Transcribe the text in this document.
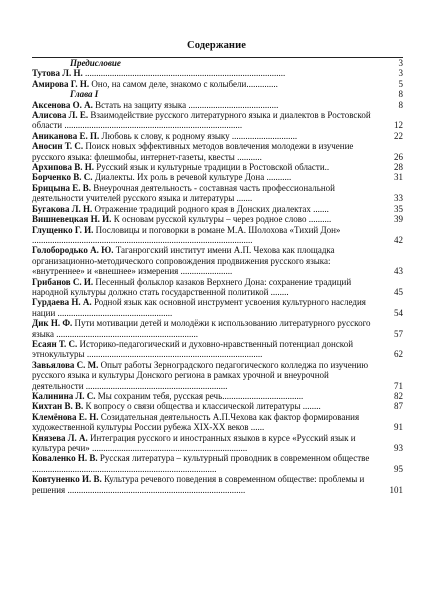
Содержание
Предисловие	3
Тутова Л. Н. .........................................................................................	3
Амирова Г. Н. Оно, на самом деле, знакомо с колыбели..............	5
Глава I	8
Аксенова О. А. Встать на защиту языка ........................................	8
Алисова Л. Е. Взаимодействие русского литературного языка и диалектов в Ростовской области ...............................................................................	12
Аниканова Е. П. Любовь к слову, к родному языку .............................	22
Аносин Т. С. Поиск новых эффективных методов вовлечения молодежи в изучение русского языка: флешмобы, интернет-газеты, квесты ...........	26
Архипова В. Н. Русский язык и культурные традиции в Ростовской области..	28
Борченко В. С. Диалекты. Их роль в речевой культуре Дона ...........	31
Брицына Е. В. Внеурочная деятельность - составная часть профессиональной деятельности учителей русского языка и литературы .......	33
Бугакова Л. Н. Отражение традиций родного края в Донских диалектах .......	35
Вишневецкая Н. И. К основам русской культуры – через родное слово ..........	39
Глущенко Г. И. Пословицы и поговорки в романе М.А. Шолохова «Тихий Дон» ..................................................................................................	42
Голобородько А. Ю. Таганрогский институт имени А.П. Чехова как площадка организационно-методического сопровождения продвижения русского языка: «внутреннее» и «внешнее» измерения .......................	43
Грибанов С. И. Песенный фольклор казаков Верхнего Дона: сохранение традиций народной культуры должно стать государственной политикой ........	45
Гурдаева Н. А. Родной язык как основной инструмент усвоения культурного наследия нации ...................................................	54
Дик Н. Ф. Пути мотивации детей и молодёжи к использованию литературного русского языка ...............................................................	57
Есаян Т. С. Историко-педагогический и духовно-нравственный потенциал донской этнокультуры ..............................................................................	62
Завьялова С. М. Опыт работы Зерноградского педагогического колледжа по изучению русского языка и культуры Донского региона в рамках урочной и внеурочной деятельности ...............................................................	71
Калинина Л. С. Мы сохраним тебя, русская речь....................................	82
Кихтан В. В. К вопросу о связи общества и классической литературы ........	87
Клемёнова Е. Н. Созидательная деятельность А.П.Чехова как фактор формирования художественной культуры России рубежа XIX-XX веков ......	91
Князева Л. А. Интеграция русского и иностранных языков в курсе «Русский язык и культура речи» .....................................................................	93
Коваленко Н. В. Русская литература – культурный проводник в современном обществе ..................................................................................	95
Ковтуненко И. В. Культура речевого поведения в современном обществе: проблемы и решения ...............................................................................	101
